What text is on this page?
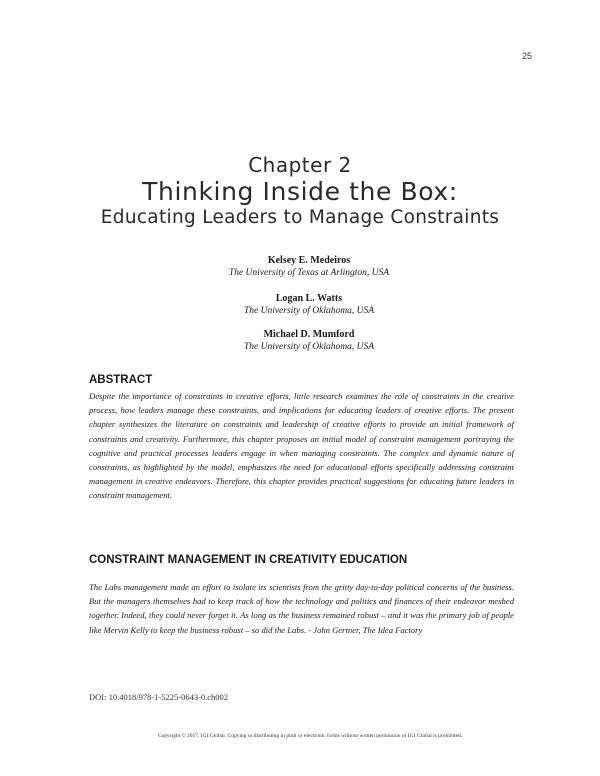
25
Chapter 2
Thinking Inside the Box:
Educating Leaders to Manage Constraints
Kelsey E. Medeiros
The University of Texas at Arlington, USA
Logan L. Watts
The University of Oklahoma, USA
Michael D. Mumford
The University of Oklahoma, USA
ABSTRACT
Despite the importance of constraints in creative efforts, little research examines the role of constraints in the creative process, how leaders manage these constraints, and implications for educating leaders of creative efforts. The present chapter synthesizes the literature on constraints and leadership of creative efforts to provide an initial framework of constraints and creativity. Furthermore, this chapter proposes an initial model of constraint management portraying the cognitive and practical processes leaders engage in when managing constraints. The complex and dynamic nature of constraints, as highlighted by the model, emphasizes the need for educational efforts specifically addressing constraint management in creative endeavors. Therefore, this chapter provides practical suggestions for educating future leaders in constraint management.
CONSTRAINT MANAGEMENT IN CREATIVITY EDUCATION
The Labs management made an effort to isolate its scientists from the gritty day-to-day political concerns of the business. But the managers themselves had to keep track of how the technology and politics and finances of their endeavor meshed together. Indeed, they could never forget it. As long as the business remained robust – and it was the primary job of people like Mervin Kelly to keep the business robust – so did the Labs. - John Gertner, The Idea Factory
DOI: 10.4018/978-1-5225-0643-0.ch002
Copyright © 2017, IGI Global. Copying or distributing in print or electronic forms without written permission of IGI Global is prohibited.
